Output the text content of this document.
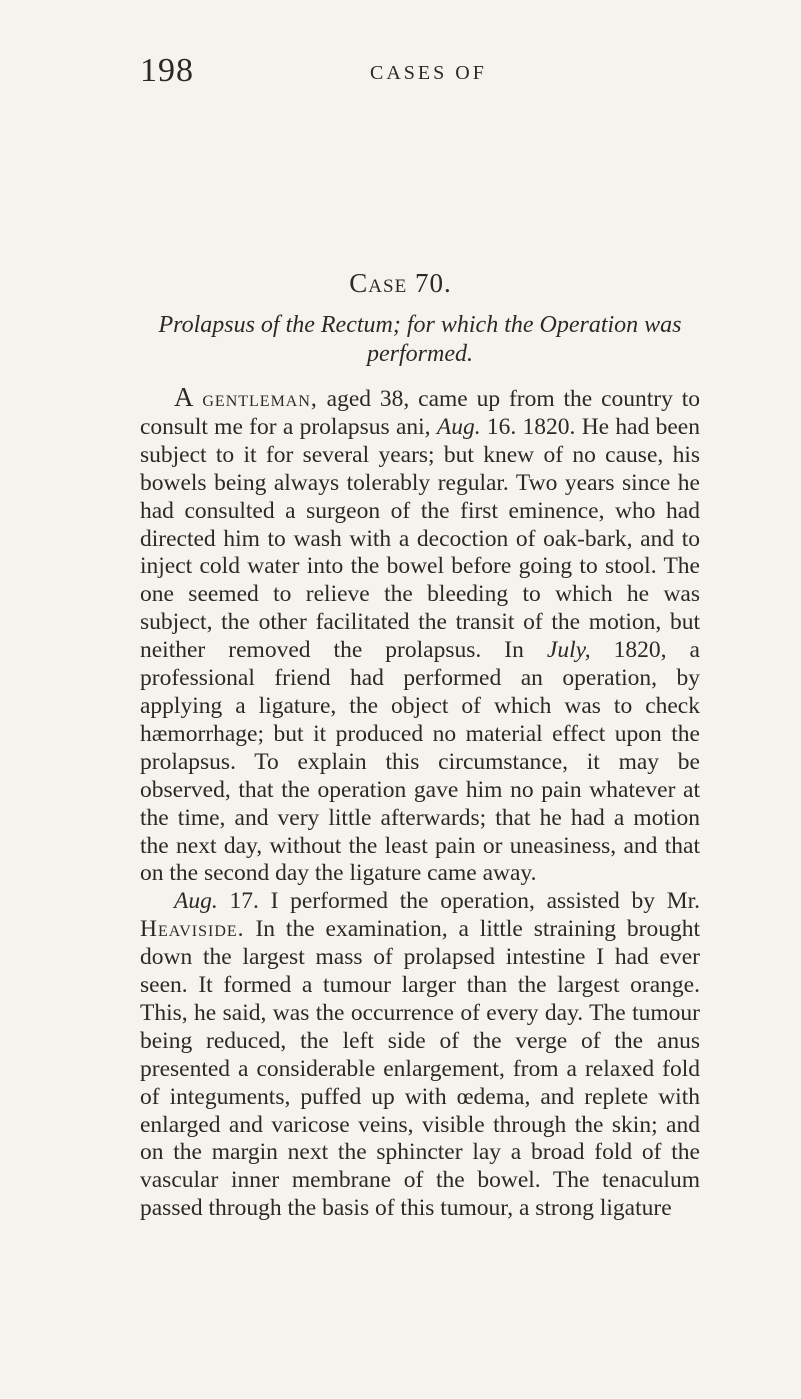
198	CASES OF
Case 70.
Prolapsus of the Rectum; for which the Operation was performed.

A gentleman, aged 38, came up from the country to consult me for a prolapsus ani, Aug. 16. 1820. He had been subject to it for several years; but knew of no cause, his bowels being always tolerably regular. Two years since he had consulted a surgeon of the first eminence, who had directed him to wash with a decoction of oak-bark, and to inject cold water into the bowel before going to stool. The one seemed to relieve the bleeding to which he was subject, the other facilitated the transit of the motion, but neither removed the prolapsus. In July, 1820, a professional friend had performed an operation, by applying a ligature, the object of which was to check hæmorrhage; but it produced no material effect upon the prolapsus. To explain this circumstance, it may be observed, that the operation gave him no pain whatever at the time, and very little afterwards; that he had a motion the next day, without the least pain or uneasiness, and that on the second day the ligature came away.

Aug. 17. I performed the operation, assisted by Mr. Heaviside. In the examination, a little straining brought down the largest mass of prolapsed intestine I had ever seen. It formed a tumour larger than the largest orange. This, he said, was the occurrence of every day. The tumour being reduced, the left side of the verge of the anus presented a considerable enlargement, from a relaxed fold of integuments, puffed up with œdema, and replete with enlarged and varicose veins, visible through the skin; and on the margin next the sphincter lay a broad fold of the vascular inner membrane of the bowel. The tenaculum passed through the basis of this tumour, a strong ligature
